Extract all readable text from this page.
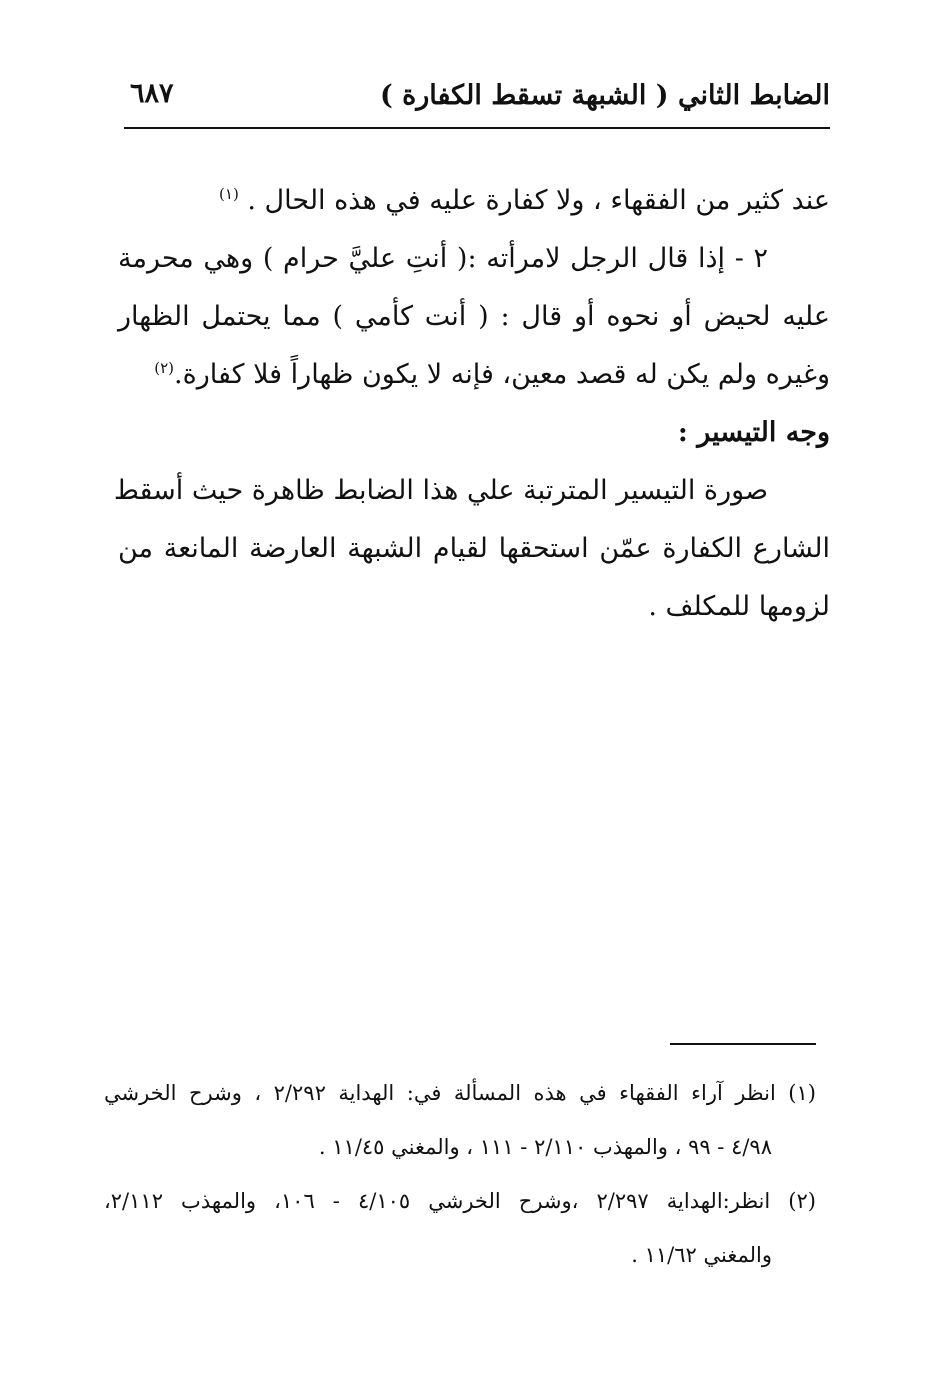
الضابط الثاني ( الشبهة تسقط الكفارة )
٦٨٧
عند كثير من الفقهاء ، ولا كفارة عليه في هذه الحال . $^{(١)}$
٢ - إذا قال الرجل لامرأته :( أنتِ عليَّ حرام ) وهي محرمة
عليه لحيض أو نحوه أو قال : ( أنت كأمي ) مما يحتمل الظهار
وغيره ولم يكن له قصد معين، فإنه لا يكون ظهاراً فلا كفارة.$^{(٢)}$
وجه التيسير :
صورة التيسير المترتبة علي هذا الضابط ظاهرة حيث أسقط
الشارع الكفارة عمّن استحقها لقيام الشبهة العارضة المانعة من
لزومها للمكلف .
(١) انظر آراء الفقهاء في هذه المسألة في: الهداية ٢/٢٩٢ ، وشرح الخرشي
٤/٩٨ - ٩٩ ، والمهذب ٢/١١٠ - ١١١ ، والمغني ١١/٤٥ .
(٢) انظر:الهداية ٢/٢٩٧ ،وشرح الخرشي ٤/١٠٥ - ١٠٦، والمهذب ٢/١١٢،
والمغني ١١/٦٢ .
